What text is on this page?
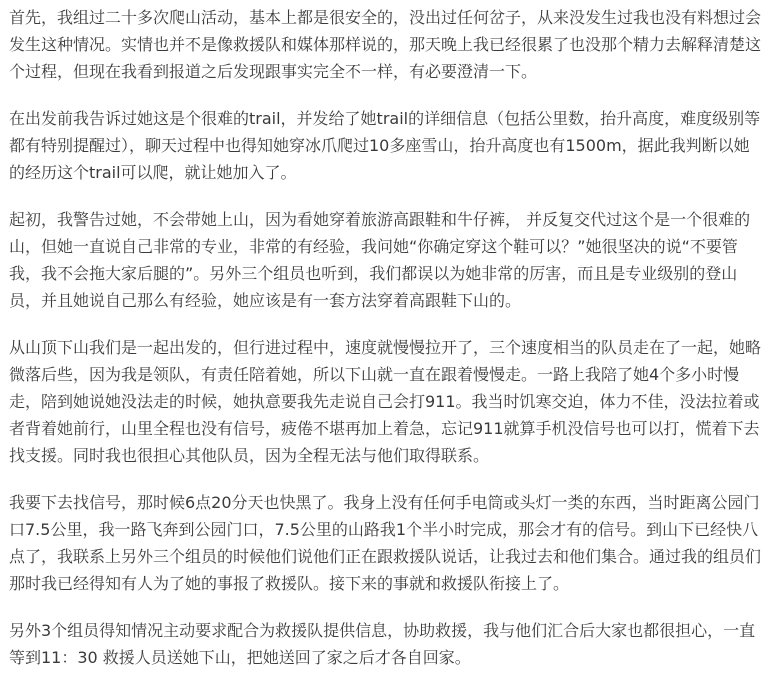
首先，我组过二十多次爬山活动，基本上都是很安全的，没出过任何岔子，从来没发生过我也没有料想过会发生这种情况。实情也并不是像救援队和媒体那样说的，那天晚上我已经很累了也没那个精力去解释清楚这个过程，但现在我看到报道之后发现跟事实完全不一样，有必要澄清一下。

在出发前我告诉过她这是个很难的trail，并发给了她trail的详细信息（包括公里数，抬升高度，难度级别等都有特别提醒过），聊天过程中也得知她穿冰爪爬过10多座雪山，抬升高度也有1500m，据此我判断以她的经历这个trail可以爬，就让她加入了。

起初，我警告过她，不会带她上山，因为看她穿着旅游高跟鞋和牛仔裤， 并反复交代过这个是一个很难的山，但她一直说自己非常的专业，非常的有经验，我问她“你确定穿这个鞋可以？”她很坚决的说“不要管我，我不会拖大家后腿的”。另外三个组员也听到，我们都误以为她非常的厉害，而且是专业级别的登山员，并且她说自己那么有经验，她应该是有一套方法穿着高跟鞋下山的。

从山顶下山我们是一起出发的，但行进过程中，速度就慢慢拉开了，三个速度相当的队员走在了一起，她略微落后些，因为我是领队，有责任陪着她，所以下山就一直在跟着慢慢走。一路上我陪了她4个多小时慢走，陪到她说她没法走的时候，她执意要我先走说自己会打911。我当时饥寒交迫，体力不佳，没法拉着或者背着她前行，山里全程也没有信号，疲倦不堪再加上着急，忘记911就算手机没信号也可以打，慌着下去找支援。同时我也很担心其他队员，因为全程无法与他们取得联系。

我要下去找信号，那时候6点20分天也快黑了。我身上没有任何手电筒或头灯一类的东西，当时距离公园门口7.5公里，我一路飞奔到公园门口，7.5公里的山路我1个半小时完成，那会才有的信号。到山下已经快八点了，我联系上另外三个组员的时候他们说他们正在跟救援队说话，让我过去和他们集合。通过我的组员们那时我已经得知有人为了她的事报了救援队。接下来的事就和救援队衔接上了。

另外3个组员得知情况主动要求配合为救援队提供信息，协助救援，我与他们汇合后大家也都很担心，一直等到11：30 救援人员送她下山，把她送回了家之后才各自回家。
